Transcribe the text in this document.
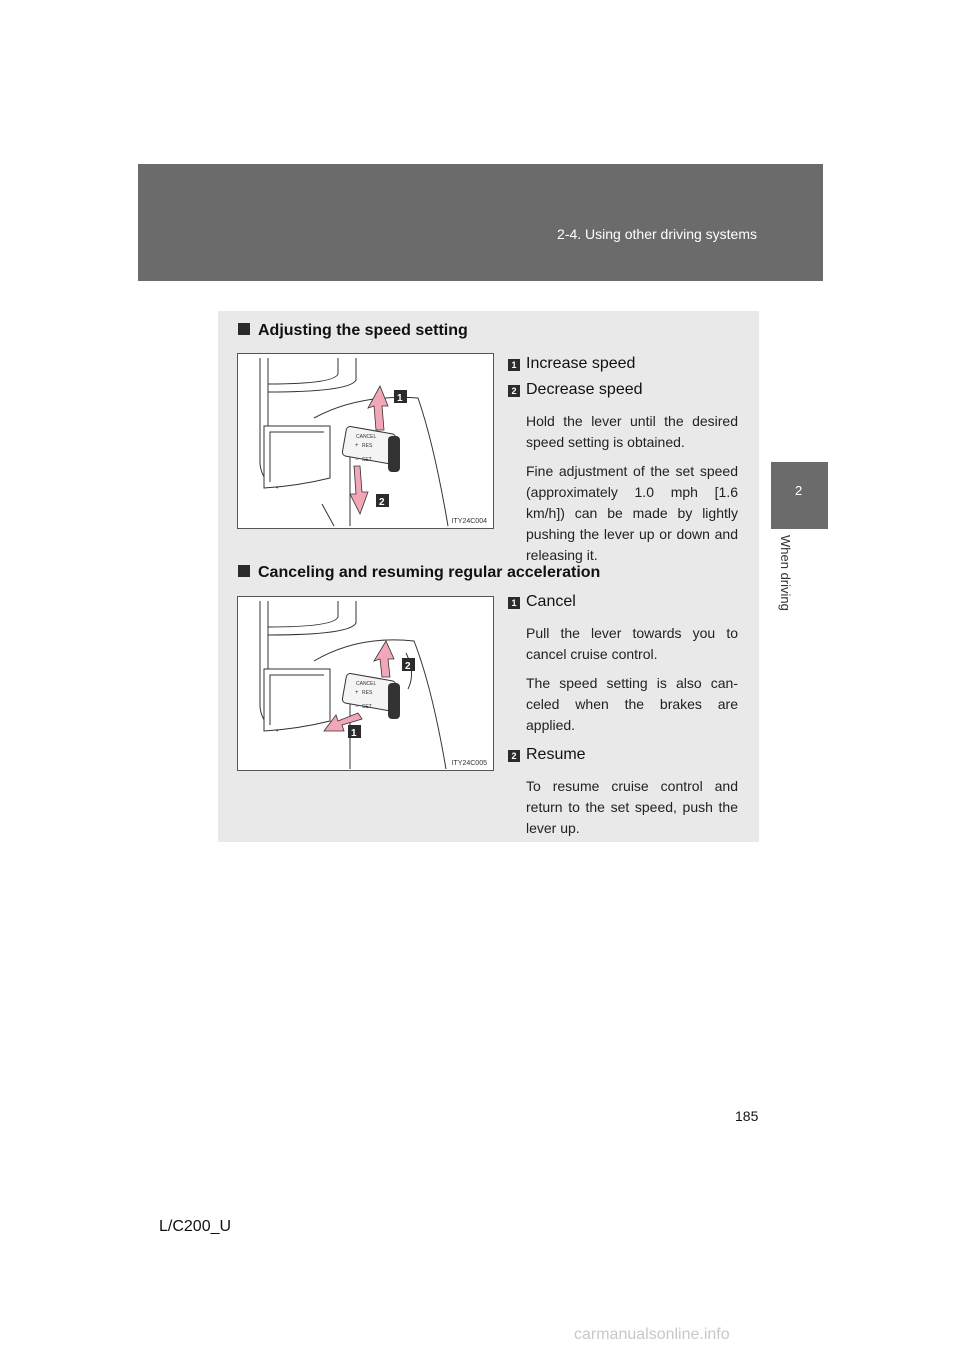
2-4. Using other driving systems
2
When driving
Adjusting the speed setting
CANCEL
+ RES
− SET
1
2
ITY24C004
1 Increase speed
2 Decrease speed

Hold the lever until the desired speed setting is obtained.

Fine adjustment of the set speed (approximately 1.0 mph [1.6 km/h]) can be made by lightly pushing the lever up or down and releasing it.

Canceling and resuming regular acceleration
CANCEL
+ RES
− SET
2
1
ITY24C005
1 Cancel

Pull the lever towards you to cancel cruise control.

The speed setting is also can-celed when the brakes are applied.

2 Resume

To resume cruise control and return to the set speed, push the lever up.

185
L/C200_U
carmanualsonline.info
